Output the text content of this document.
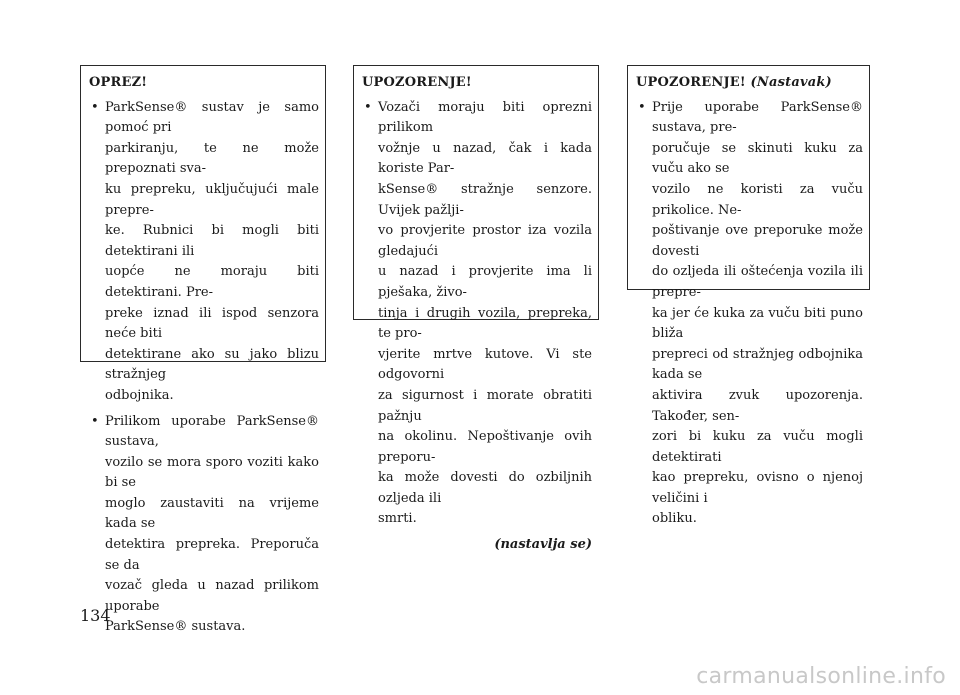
OPREZ!
• ParkSense® sustav je samo pomoć pri
parkiranju, te ne može prepoznati sva-
ku prepreku, uključujući male prepre-
ke. Rubnici bi mogli biti detektirani ili
uopće ne moraju biti detektirani. Pre-
preke iznad ili ispod senzora neće biti
detektirane ako su jako blizu stražnjeg
odbojnika.
• Prilikom uporabe ParkSense® sustava,
vozilo se mora sporo voziti kako bi se
moglo zaustaviti na vrijeme kada se
detektira prepreka. Preporuča se da
vozač gleda u nazad prilikom uporabe
ParkSense® sustava.
UPOZORENJE!
• Vozači moraju biti oprezni prilikom
vožnje u nazad, čak i kada koriste Par-
kSense® stražnje senzore. Uvijek pažlji-
vo provjerite prostor iza vozila gledajući
u nazad i provjerite ima li pješaka, živo-
tinja i drugih vozila, prepreka, te pro-
vjerite mrtve kutove. Vi ste odgovorni
za sigurnost i morate obratiti pažnju
na okolinu. Nepoštivanje ovih preporu-
ka može dovesti do ozbiljnih ozljeda ili
smrti.
(nastavlja se)
UPOZORENJE! (Nastavak)
• Prije uporabe ParkSense® sustava, pre-
poručuje se skinuti kuku za vuču ako se
vozilo ne koristi za vuču prikolice. Ne-
poštivanje ove preporuke može dovesti
do ozljeda ili oštećenja vozila ili prepre-
ka jer će kuka za vuču biti puno bliža
prepreci od stražnjeg odbojnika kada se
aktivira zvuk upozorenja. Također, sen-
zori bi kuku za vuču mogli detektirati
kao prepreku, ovisno o njenoj veličini i
obliku.
134
carmanualsonline.info
